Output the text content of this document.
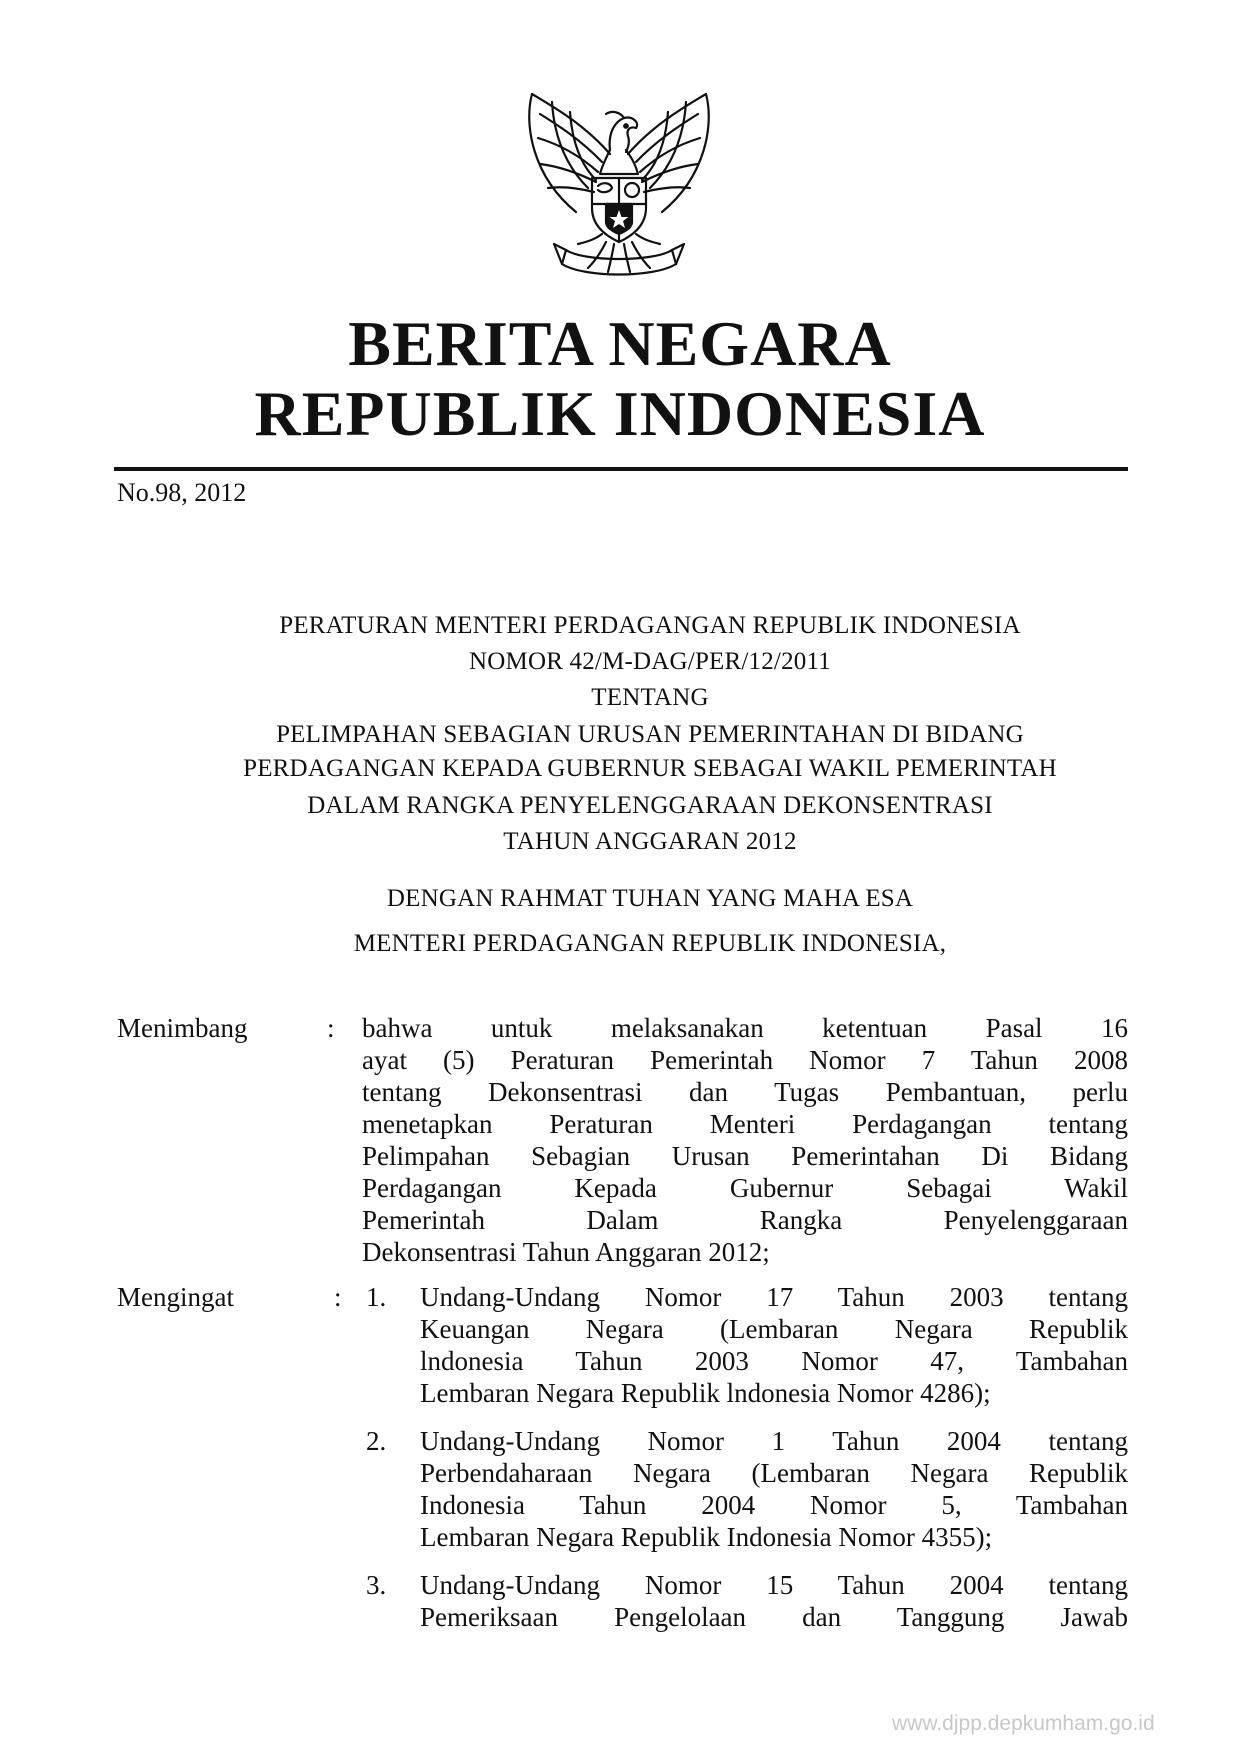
BERITA NEGARA
REPUBLIK INDONESIA
No.98, 2012
PERATURAN MENTERI PERDAGANGAN REPUBLIK INDONESIA
NOMOR 42/M-DAG/PER/12/2011
TENTANG
PELIMPAHAN SEBAGIAN URUSAN PEMERINTAHAN DI BIDANG
PERDAGANGAN KEPADA GUBERNUR SEBAGAI WAKIL PEMERINTAH
DALAM RANGKA PENYELENGGARAAN DEKONSENTRASI
TAHUN ANGGARAN 2012
DENGAN RAHMAT TUHAN YANG MAHA ESA
MENTERI PERDAGANGAN REPUBLIK INDONESIA,
Menimbang	: bahwa untuk melaksanakan ketentuan Pasal 16
ayat (5) Peraturan Pemerintah Nomor 7 Tahun 2008
tentang Dekonsentrasi dan Tugas Pembantuan, perlu
menetapkan Peraturan Menteri Perdagangan tentang
Pelimpahan Sebagian Urusan Pemerintahan Di Bidang
Perdagangan Kepada Gubernur Sebagai Wakil
Pemerintah Dalam Rangka Penyelenggaraan
Dekonsentrasi Tahun Anggaran 2012;
Mengingat	: 1. Undang-Undang Nomor 17 Tahun 2003 tentang
Keuangan Negara (Lembaran Negara Republik
lndonesia Tahun 2003 Nomor 47, Tambahan
Lembaran Negara Republik lndonesia Nomor 4286);
2. Undang-Undang Nomor 1 Tahun 2004 tentang
Perbendaharaan Negara (Lembaran Negara Republik
Indonesia Tahun 2004 Nomor 5, Tambahan
Lembaran Negara Republik Indonesia Nomor 4355);
3. Undang-Undang Nomor 15 Tahun 2004 tentang
Pemeriksaan Pengelolaan dan Tanggung Jawab
www.djpp.depkumham.go.id
